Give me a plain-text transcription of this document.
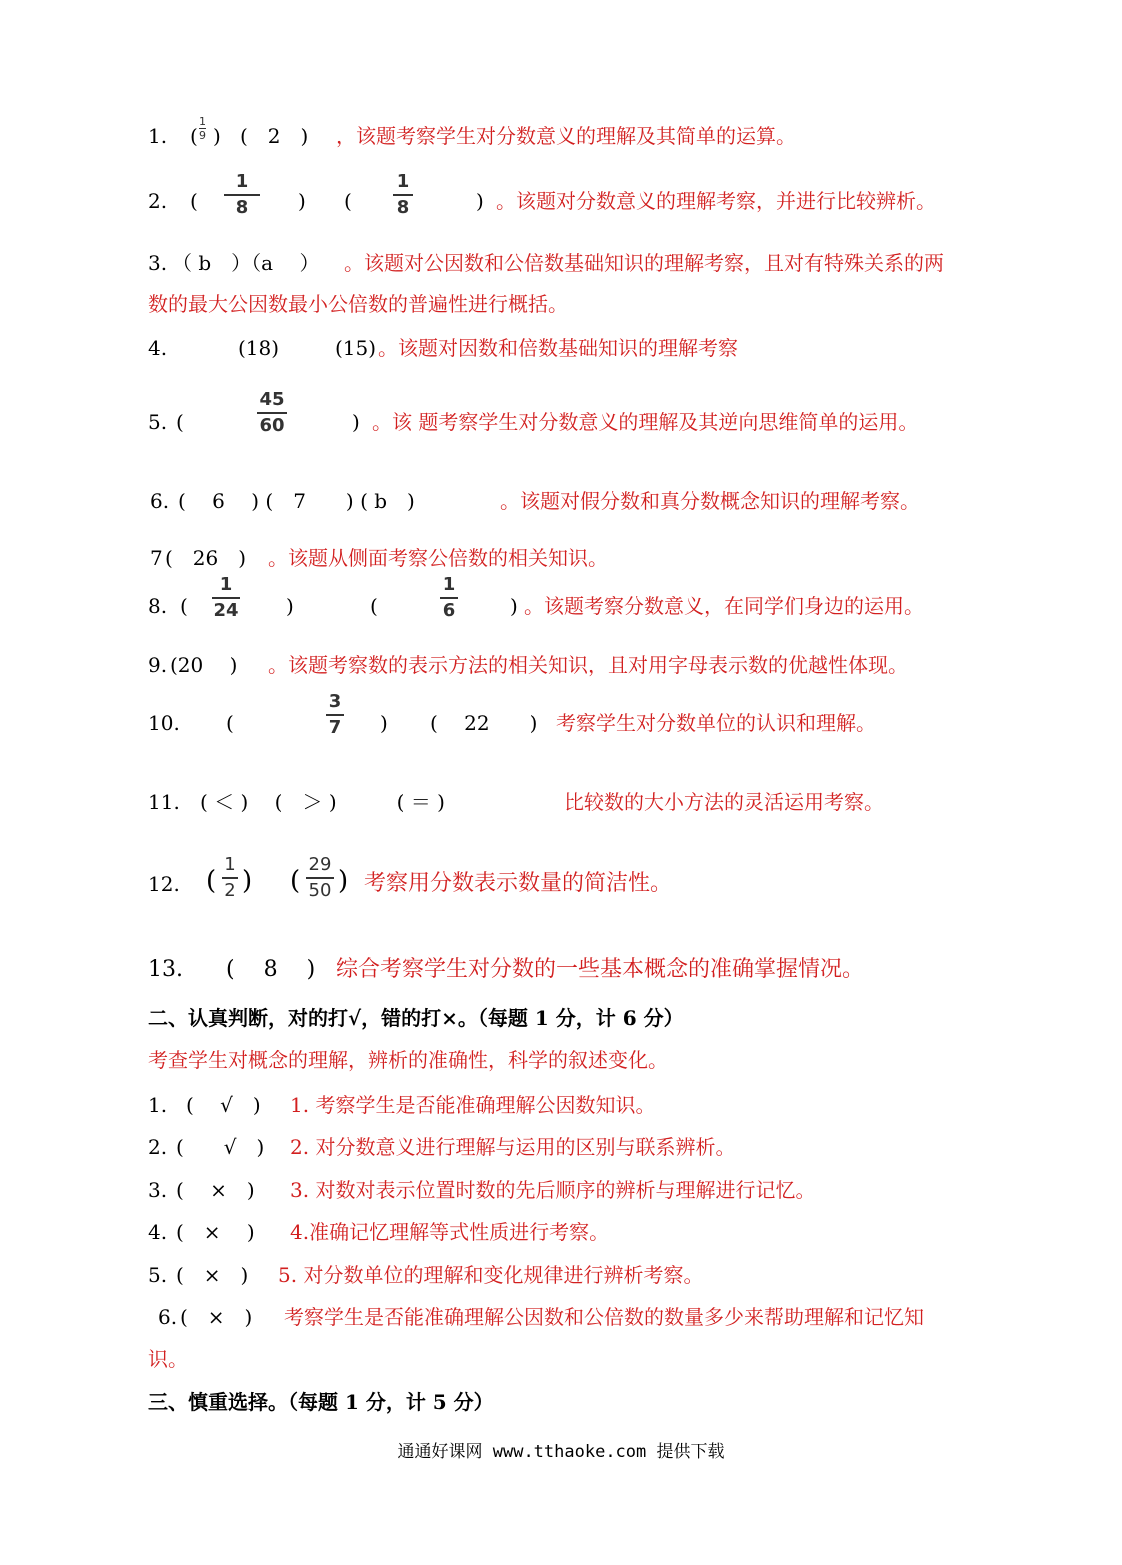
1. (
1
9 ) (　2　) ，该题考察学生对分数意义的理解及其简单的运算。
2. (
1
8	) (
1
8	) 。该题对分数意义的理解考察，并进行比较辨析。
3. （ b　）（a　 ） 。该题对公因数和公倍数基础知识的理解考察，且对有特殊关系的两
数的最大公因数最小公倍数的普遍性进行概括。
4.	(18)	(15) 。该题对因数和倍数基础知识的理解考察
5. (
45
60	) 。该 题考察学生对分数意义的理解及其逆向思维简单的运用。
6. (　 6　 ) (　7　　) ( b　)	。该题对假分数和真分数概念知识的理解考察。
7 (　26　) 。该题从侧面考察公倍数的相关知识。
8. (
1
24 )	(
1
6	) 。该题考察分数意义，在同学们身边的运用。
9. (20　 ) 。该题考察数的表示方法的相关知识，且对用字母表示数的优越性体现。
10. (
3
7 ) (　 22　　) 考察学生对分数单位的认识和理解。
11. ( ＜ )　 (　＞ )　　　( ＝ )	比较数的大小方法的灵活运用考察。
12. (
1
2 ) (
29
50 ) 考察用分数表示数量的简洁性。
13. (　 8　 ) 综合考察学生对分数的一些基本概念的准确掌握情况。
二、认真判断，对的打√，错的打×。（每题 1 分，计 6 分）
考查学生对概念的理解，辨析的准确性，科学的叙述变化。
1. (　 √　) 1. 考察学生是否能准确理解公因数知识。
2. (　　√　) 2. 对分数意义进行理解与运用的区别与联系辨析。
3. (　 ×　) 3. 对数对表示位置时数的先后顺序的辨析与理解进行记忆。
4. (　×　 ) 4.准确记忆理解等式性质进行考察。
5. (　×　) 5. 对分数单位的理解和变化规律进行辨析考察。
6. (　×　) 考察学生是否能准确理解公因数和公倍数的数量多少来帮助理解和记忆知
识。
三、慎重选择。（每题 1 分，计 5 分）
通通好课网 www.tthaoke.com 提供下载
